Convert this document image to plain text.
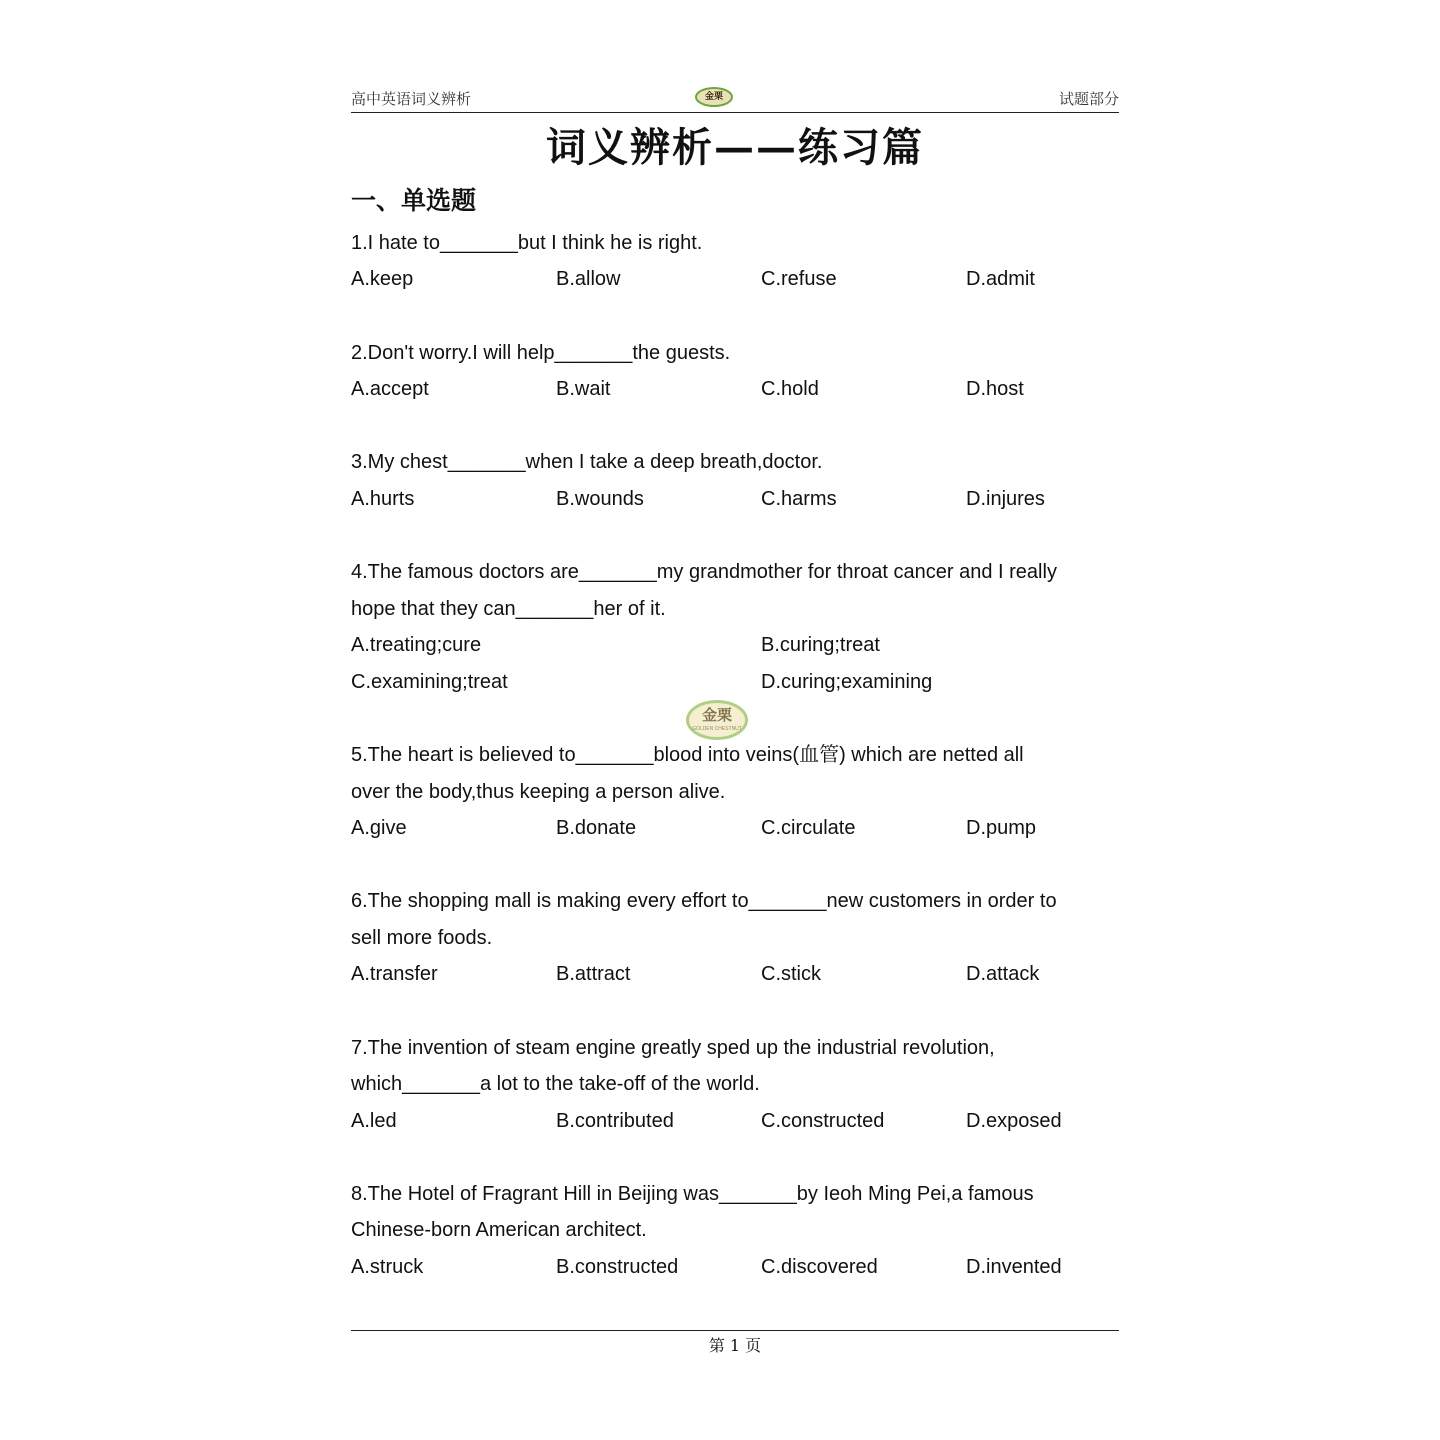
高中英语词义辨析	金栗	试题部分
词义辨析——练习篇
一、单选题
1.I hate to_______but I think he is right.
A.keep	B.allow	C.refuse	D.admit
2.Don't worry.I will help_______the guests.
A.accept	B.wait	C.hold	D.host
3.My chest_______when I take a deep breath,doctor.
A.hurts	B.wounds	C.harms	D.injures
4.The famous doctors are_______my grandmother for throat cancer and I really
hope that they can_______her of it.
A.treating;cure	B.curing;treat
C.examining;treat	D.curing;examining
5.The heart is believed to_______blood into veins(血管) which are netted all
over the body,thus keeping a person alive.
A.give	B.donate	C.circulate	D.pump
6.The shopping mall is making every effort to_______new customers in order to
sell more foods.
A.transfer	B.attract	C.stick	D.attack
7.The invention of steam engine greatly sped up the industrial revolution,
which_______a lot to the take-off of the world.
A.led	B.contributed	C.constructed	D.exposed
8.The Hotel of Fragrant Hill in Beijing was_______by Ieoh Ming Pei,a famous
Chinese-born American architect.
A.struck	B.constructed	C.discovered	D.invented
金栗
GOLDEN CHESTNUT
第 1 页
